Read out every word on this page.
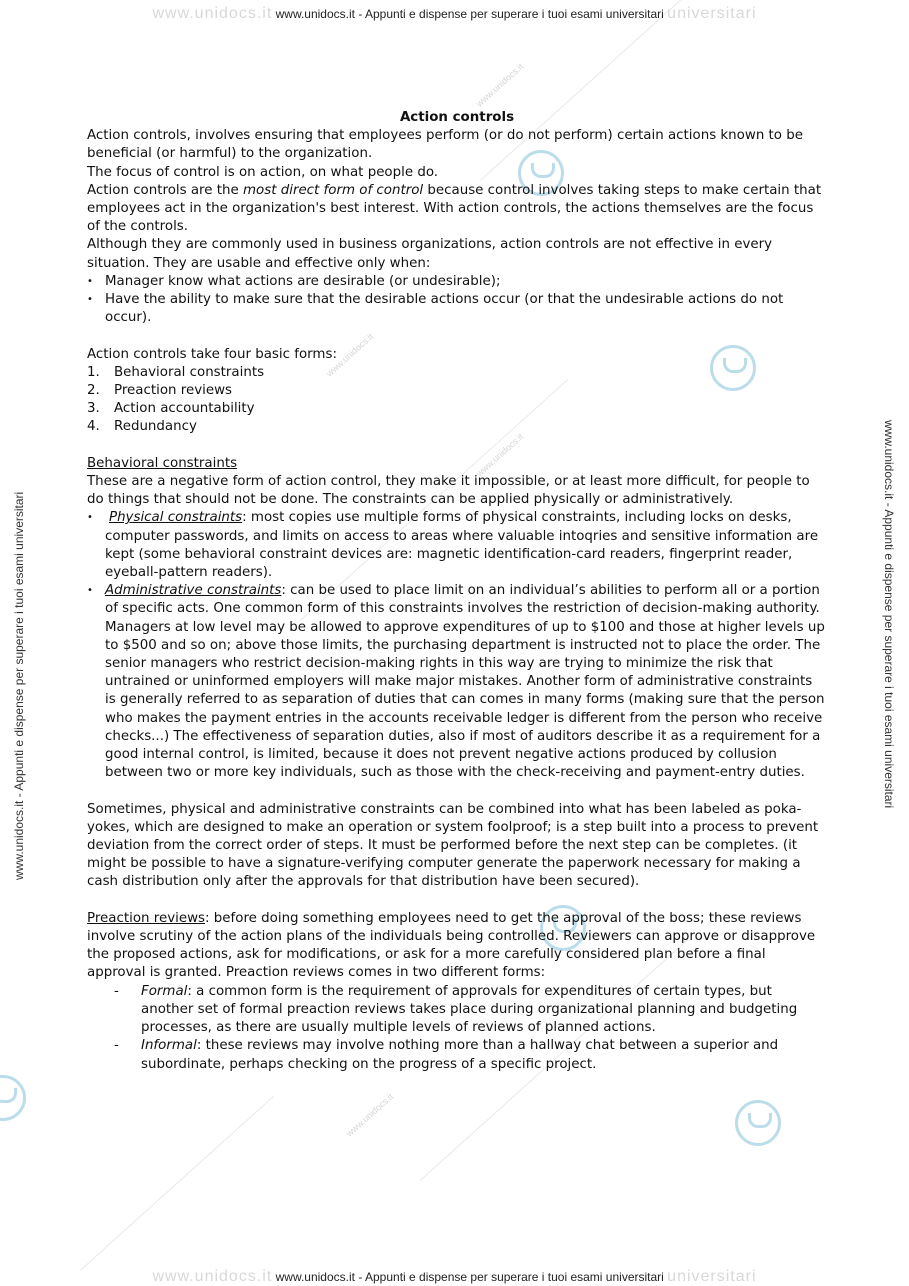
www.unidocs.it
www.unidocs.it
www.unidocs.it
www.unidocs.it
www.unidocs.it www.unidocs.it - Appunti e dispense per superare i tuoi esami universitari universitari
www.unidocs.it www.unidocs.it - Appunti e dispense per superare i tuoi esami universitari universitari
www.unidocs.it - Appunti e dispense per superare i tuoi esami universitari	www.unidocs.it - Appunti e dispense per superare i tuoi esami universitari

Action controls

Action controls, involves ensuring that employees perform (or do not perform) certain actions known to be beneficial (or harmful) to the organization.

The focus of control is on action, on what people do.

Action controls are the most direct form of control because control involves taking steps to make certain that employees act in the organization's best interest. With action controls, the actions themselves are the focus of the controls.

Although they are commonly used in business organizations, action controls are not effective in every situation. They are usable and effective only when:

• Manager know what actions are desirable (or undesirable);
• Have the ability to make sure that the desirable actions occur (or that the undesirable actions do not occur).

Action controls take four basic forms:

1. Behavioral constraints
2. Preaction reviews
3. Action accountability
4. Redundancy

Behavioral constraints

These are a negative form of action control, they make it impossible, or at least more difficult, for people to do things that should not be done. The constraints can be applied physically or administratively.

• Physical constraints: most copies use multiple forms of physical constraints, including locks on desks, computer passwords, and limits on access to areas where valuable intoqries and sensitive information are kept (some behavioral constraint devices are: magnetic identification-card readers, fingerprint reader, eyeball-pattern readers).
• Administrative constraints: can be used to place limit on an individual’s abilities to perform all or a portion of specific acts. One common form of this constraints involves the restriction of decision-making authority. Managers at low level may be allowed to approve expenditures of up to $100 and those at higher levels up to $500 and so on; above those limits, the purchasing department is instructed not to place the order. The senior managers who restrict decision-making rights in this way are trying to minimize the risk that untrained or uninformed employers will make major mistakes. Another form of administrative constraints is generally referred to as separation of duties that can comes in many forms (making sure that the person who makes the payment entries in the accounts receivable ledger is different from the person who receive checks...) The effectiveness of separation duties, also if most of auditors describe it as a requirement for a good internal control, is limited, because it does not prevent negative actions produced by collusion between two or more key individuals, such as those with the check-receiving and payment-entry duties.

Sometimes, physical and administrative constraints can be combined into what has been labeled as poka-yokes, which are designed to make an operation or system foolproof; is a step built into a process to prevent deviation from the correct order of steps. It must be performed before the next step can be completes. (it might be possible to have a signature-verifying computer generate the paperwork necessary for making a cash distribution only after the approvals for that distribution have been secured).

Preaction reviews: before doing something employees need to get the approval of the boss; these reviews involve scrutiny of the action plans of the individuals being controlled. Reviewers can approve or disapprove the proposed actions, ask for modifications, or ask for a more carefully considered plan before a final approval is granted. Preaction reviews comes in two different forms:

- Formal: a common form is the requirement of approvals for expenditures of certain types, but another set of formal preaction reviews takes place during organizational planning and budgeting processes, as there are usually multiple levels of reviews of planned actions.
- Informal: these reviews may involve nothing more than a hallway chat between a superior and subordinate, perhaps checking on the progress of a specific project.
